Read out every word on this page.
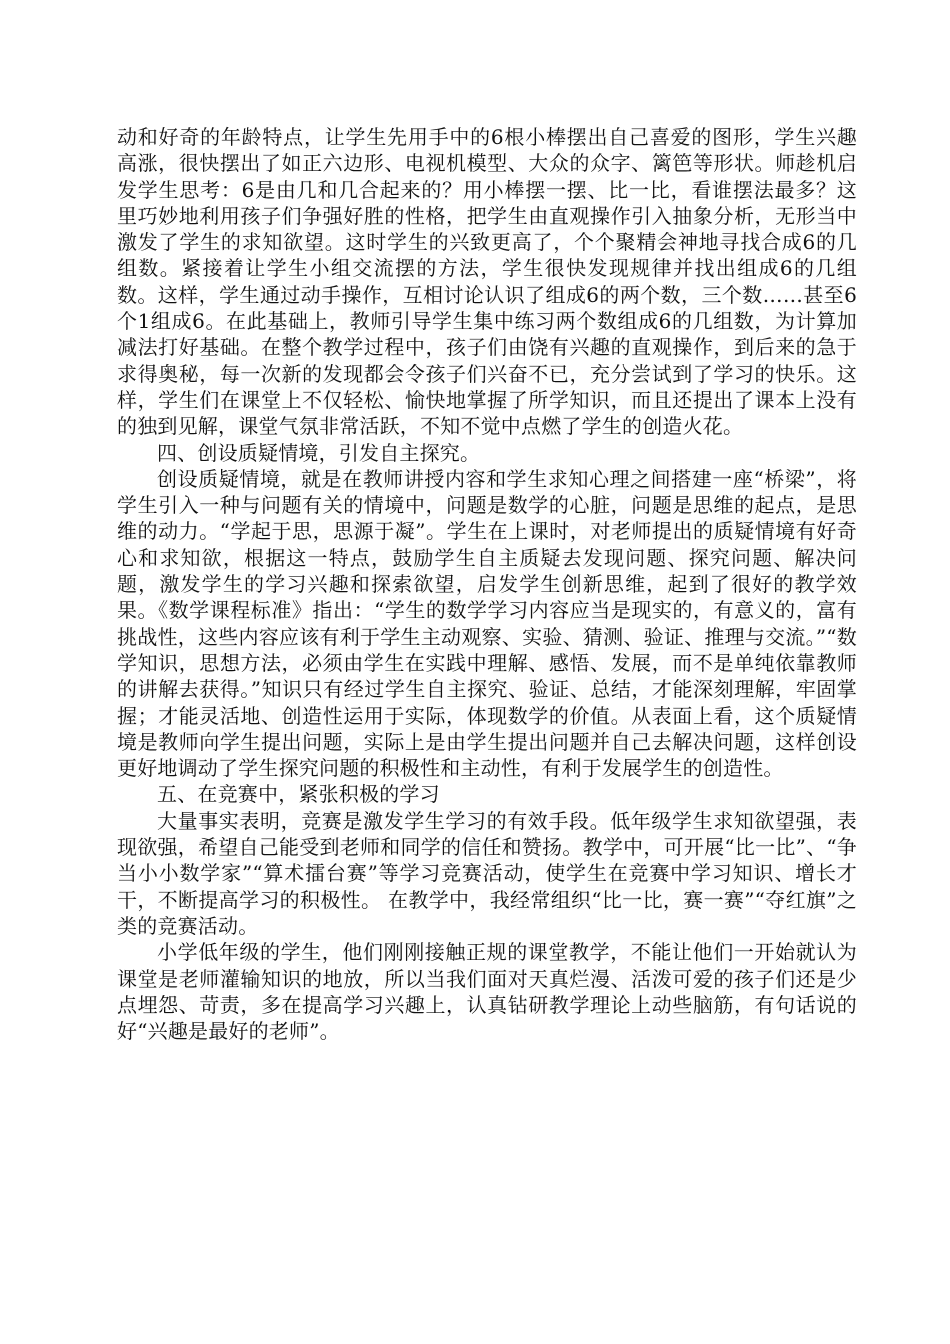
动和好奇的年龄特点，让学生先用手中的6根小棒摆出自己喜爱的图形，学生兴趣高涨，很快摆出了如正六边形、电视机模型、大众的众字、篱笆等形状。师趁机启发学生思考：6是由几和几合起来的？用小棒摆一摆、比一比，看谁摆法最多？这里巧妙地利用孩子们争强好胜的性格，把学生由直观操作引入抽象分析，无形当中激发了学生的求知欲望。这时学生的兴致更高了，个个聚精会神地寻找合成6的几组数。紧接着让学生小组交流摆的方法，学生很快发现规律并找出组成6的几组数。这样，学生通过动手操作，互相讨论认识了组成6的两个数，三个数……甚至6个1组成6。在此基础上，教师引导学生集中练习两个数组成6的几组数，为计算加减法打好基础。在整个教学过程中，孩子们由饶有兴趣的直观操作，到后来的急于求得奥秘，每一次新的发现都会令孩子们兴奋不已，充分尝试到了学习的快乐。这样，学生们在课堂上不仅轻松、愉快地掌握了所学知识，而且还提出了课本上没有的独到见解，课堂气氛非常活跃，不知不觉中点燃了学生的创造火花。

四、创设质疑情境，引发自主探究。

创设质疑情境，就是在教师讲授内容和学生求知心理之间搭建一座“桥梁”，将学生引入一种与问题有关的情境中，问题是数学的心脏，问题是思维的起点，是思维的动力。“学起于思，思源于凝”。学生在上课时，对老师提出的质疑情境有好奇心和求知欲，根据这一特点，鼓励学生自主质疑去发现问题、探究问题、解决问题，激发学生的学习兴趣和探索欲望，启发学生创新思维，起到了很好的教学效果。《数学课程标准》指出：“学生的数学学习内容应当是现实的，有意义的，富有挑战性，这些内容应该有利于学生主动观察、实验、猜测、验证、推理与交流。”“数学知识，思想方法，必须由学生在实践中理解、感悟、发展，而不是单纯依靠教师的讲解去获得。”知识只有经过学生自主探究、验证、总结，才能深刻理解，牢固掌握；才能灵活地、创造性运用于实际，体现数学的价值。从表面上看，这个质疑情境是教师向学生提出问题，实际上是由学生提出问题并自己去解决问题，这样创设更好地调动了学生探究问题的积极性和主动性，有利于发展学生的创造性。

五、在竞赛中，紧张积极的学习

大量事实表明，竞赛是激发学生学习的有效手段。低年级学生求知欲望强，表现欲强，希望自己能受到老师和同学的信任和赞扬。教学中，可开展“比一比”、“争当小小数学家”“算术擂台赛”等学习竞赛活动，使学生在竞赛中学习知识、增长才干，不断提高学习的积极性。 在教学中，我经常组织“比一比，赛一赛”“夺红旗”之类的竞赛活动。

小学低年级的学生，他们刚刚接触正规的课堂教学，不能让他们一开始就认为课堂是老师灌输知识的地放，所以当我们面对天真烂漫、活泼可爱的孩子们还是少点埋怨、苛责，多在提高学习兴趣上，认真钻研教学理论上动些脑筋，有句话说的好“兴趣是最好的老师”。
